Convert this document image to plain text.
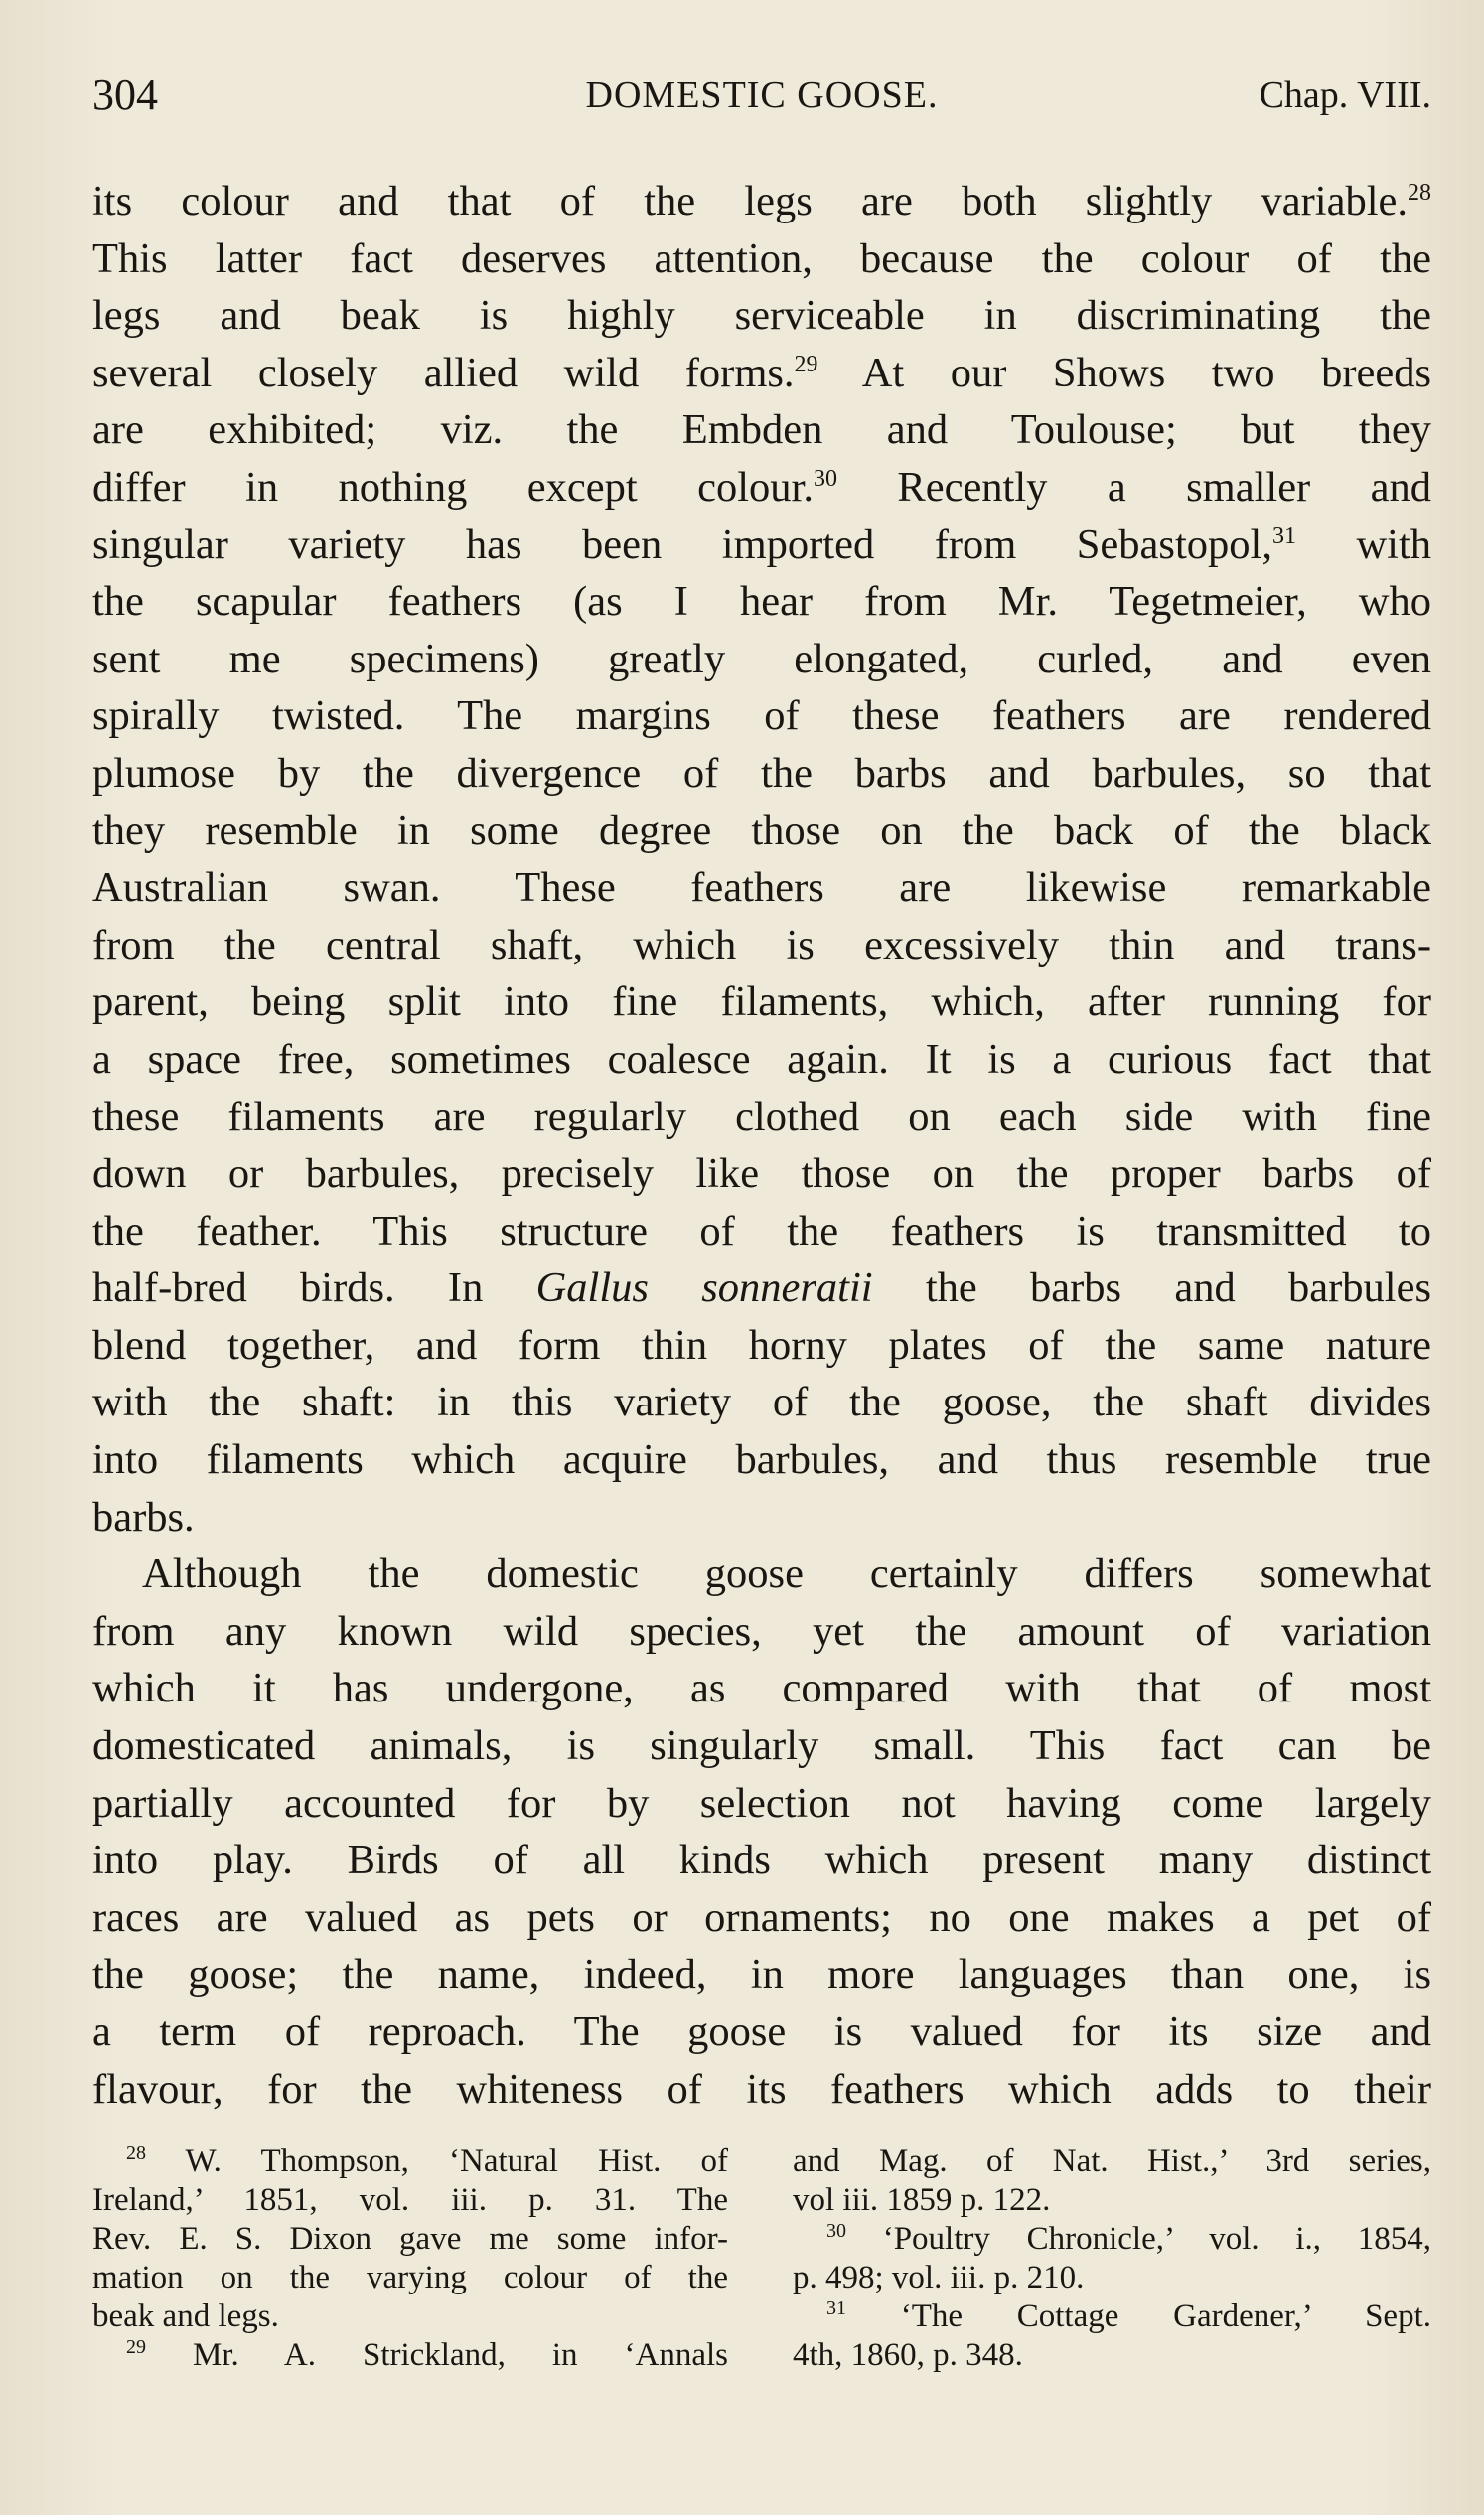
304	DOMESTIC GOOSE.	Chap. VIII.
its colour and that of the legs are both slightly variable.$^{28}$
This latter fact deserves attention, because the colour of the
legs and beak is highly serviceable in discriminating the
several closely allied wild forms.$^{29}$ At our Shows two breeds
are exhibited; viz. the Embden and Toulouse; but they
differ in nothing except colour.$^{30}$ Recently a smaller and
singular variety has been imported from Sebastopol,$^{31}$ with
the scapular feathers (as I hear from Mr. Tegetmeier, who
sent me specimens) greatly elongated, curled, and even
spirally twisted. The margins of these feathers are rendered
plumose by the divergence of the barbs and barbules, so that
they resemble in some degree those on the back of the black
Australian swan. These feathers are likewise remarkable
from the central shaft, which is excessively thin and trans-
parent, being split into fine filaments, which, after running for
a space free, sometimes coalesce again. It is a curious fact that
these filaments are regularly clothed on each side with fine
down or barbules, precisely like those on the proper barbs of
the feather. This structure of the feathers is transmitted to
half-bred birds. In Gallus sonneratii the barbs and barbules
blend together, and form thin horny plates of the same nature
with the shaft: in this variety of the goose, the shaft divides
into filaments which acquire barbules, and thus resemble true
barbs.
Although the domestic goose certainly differs somewhat
from any known wild species, yet the amount of variation
which it has undergone, as compared with that of most
domesticated animals, is singularly small. This fact can be
partially accounted for by selection not having come largely
into play. Birds of all kinds which present many distinct
races are valued as pets or ornaments; no one makes a pet of
the goose; the name, indeed, in more languages than one, is
a term of reproach. The goose is valued for its size and
flavour, for the whiteness of its feathers which adds to their
$^{28}$ W. Thompson, ‘Natural Hist. of
Ireland,’ 1851, vol. iii. p. 31. The
Rev. E. S. Dixon gave me some infor-
mation on the varying colour of the
beak and legs.
$^{29}$ Mr. A. Strickland, in ‘Annals
and Mag. of Nat. Hist.,’ 3rd series,
vol iii. 1859 p. 122.
$^{30}$ ‘Poultry Chronicle,’ vol. i., 1854,
p. 498; vol. iii. p. 210.
$^{31}$ ‘The Cottage Gardener,’ Sept.
4th, 1860, p. 348.
